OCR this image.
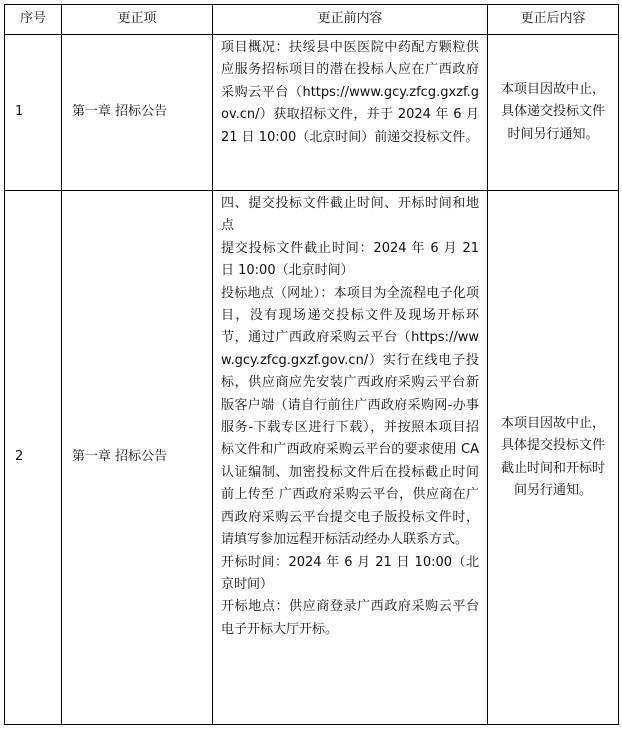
序号	更正项	更正前内容	更正后内容
1	第一章 招标公告	项目概况：扶绥县中医医院中药配方颗粒供应服务招标项目的潜在投标人应在广西政府采购云平台（https://www.gcy.zfcg.gxzf.gov.cn/）获取招标文件，并于 2024 年 6 月 21 日 10:00（北京时间）前递交投标文件。	本项目因故中止，具体递交投标文件时间另行通知。
2	第一章 招标公告	四、提交投标文件截止时间、开标时间和地点

提交投标文件截止时间：2024 年 6 月 21 日 10:00（北京时间）

投标地点（网址）：本项目为全流程电子化项目，没有现场递交投标文件及现场开标环节，通过广西政府采购云平台（https://www.gcy.zfcg.gxzf.gov.cn/）实行在线电子投标，供应商应先安装广西政府采购云平台新版客户端（请自行前往广西政府采购网-办事服务-下载专区进行下载），并按照本项目招标文件和广西政府采购云平台的要求使用 CA 认证编制、加密投标文件后在投标截止时间前上传至 广西政府采购云平台，供应商在广西政府采购云平台提交电子版投标文件时，请填写参加远程开标活动经办人联系方式。

开标时间：2024 年 6 月 21 日 10:00（北京时间）

开标地点：供应商登录广西政府采购云平台电子开标大厅开标。	本项目因故中止，具体提交投标文件截止时间和开标时间另行通知。
